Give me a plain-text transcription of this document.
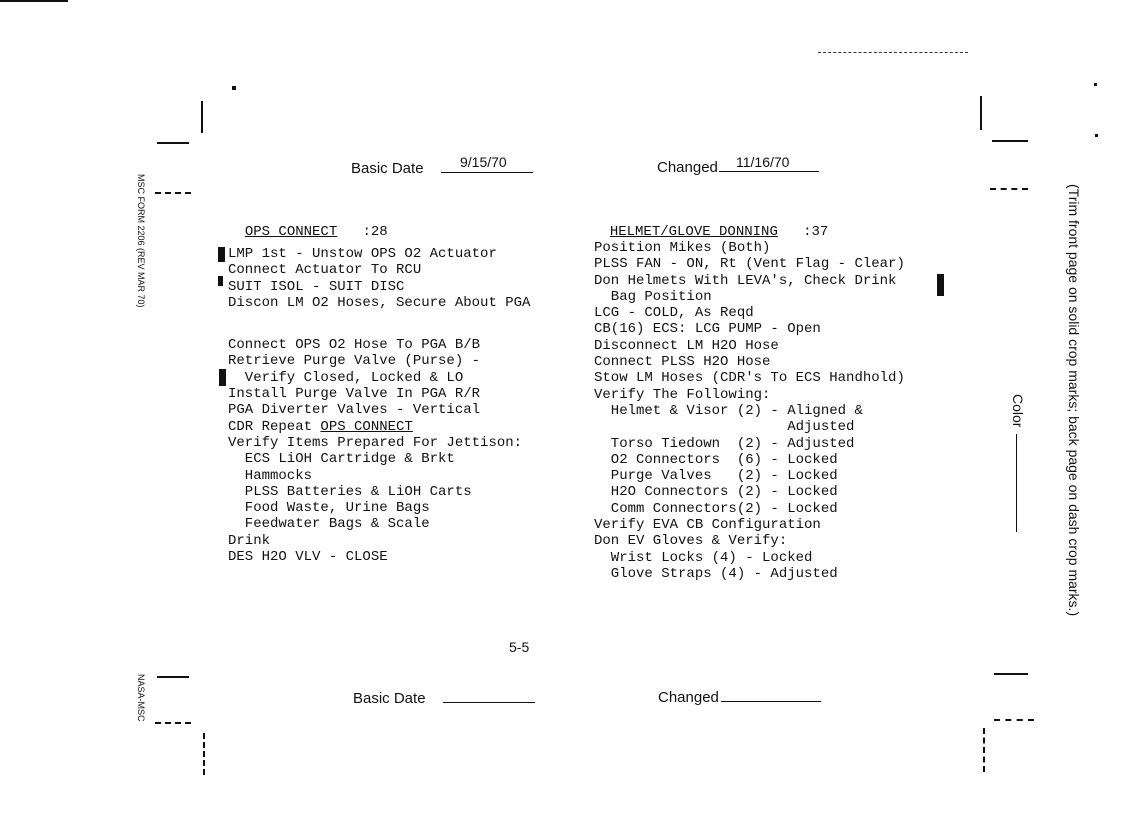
Basic Date	9/15/70	Changed 11/16/70

OPS CONNECT :28

LMP 1st - Unstow OPS O2 Actuator
Connect Actuator To RCU
SUIT ISOL - SUIT DISC
Discon LM O2 Hoses, Secure About PGA
Connect OPS O2 Hose To PGA B/B
Retrieve Purge Valve (Purse) -
Verify Closed, Locked & LO
Install Purge Valve In PGA R/R
PGA Diverter Valves - Vertical
CDR Repeat OPS CONNECT
Verify Items Prepared For Jettison:
ECS LiOH Cartridge & Brkt
Hammocks
PLSS Batteries & LiOH Carts
Food Waste, Urine Bags
Feedwater Bags & Scale
Drink
DES H2O VLV - CLOSE

HELMET/GLOVE DONNING :37

Position Mikes (Both)
PLSS FAN - ON, Rt (Vent Flag - Clear)
Don Helmets With LEVA's, Check Drink
Bag Position
LCG - COLD, As Reqd
CB(16) ECS: LCG PUMP - Open
Disconnect LM H2O Hose
Connect PLSS H2O Hose
Stow LM Hoses (CDR's To ECS Handhold)
Verify The Following:
Helmet & Visor (2) - Aligned &
Adjusted
Torso Tiedown  (2) - Adjusted
O2 Connectors  (6) - Locked
Purge Valves   (2) - Locked
H2O Connectors (2) - Locked
Comm Connectors(2) - Locked
Verify EVA CB Configuration
Don EV Gloves & Verify:
Wrist Locks (4) - Locked
Glove Straps (4) - Adjusted
5-5
Basic Date	Changed
MSC FORM 2206 (REV MAR 70)
NASA-MSC
(Trim front page on solid crop marks; back page on dash crop marks.)
Color
